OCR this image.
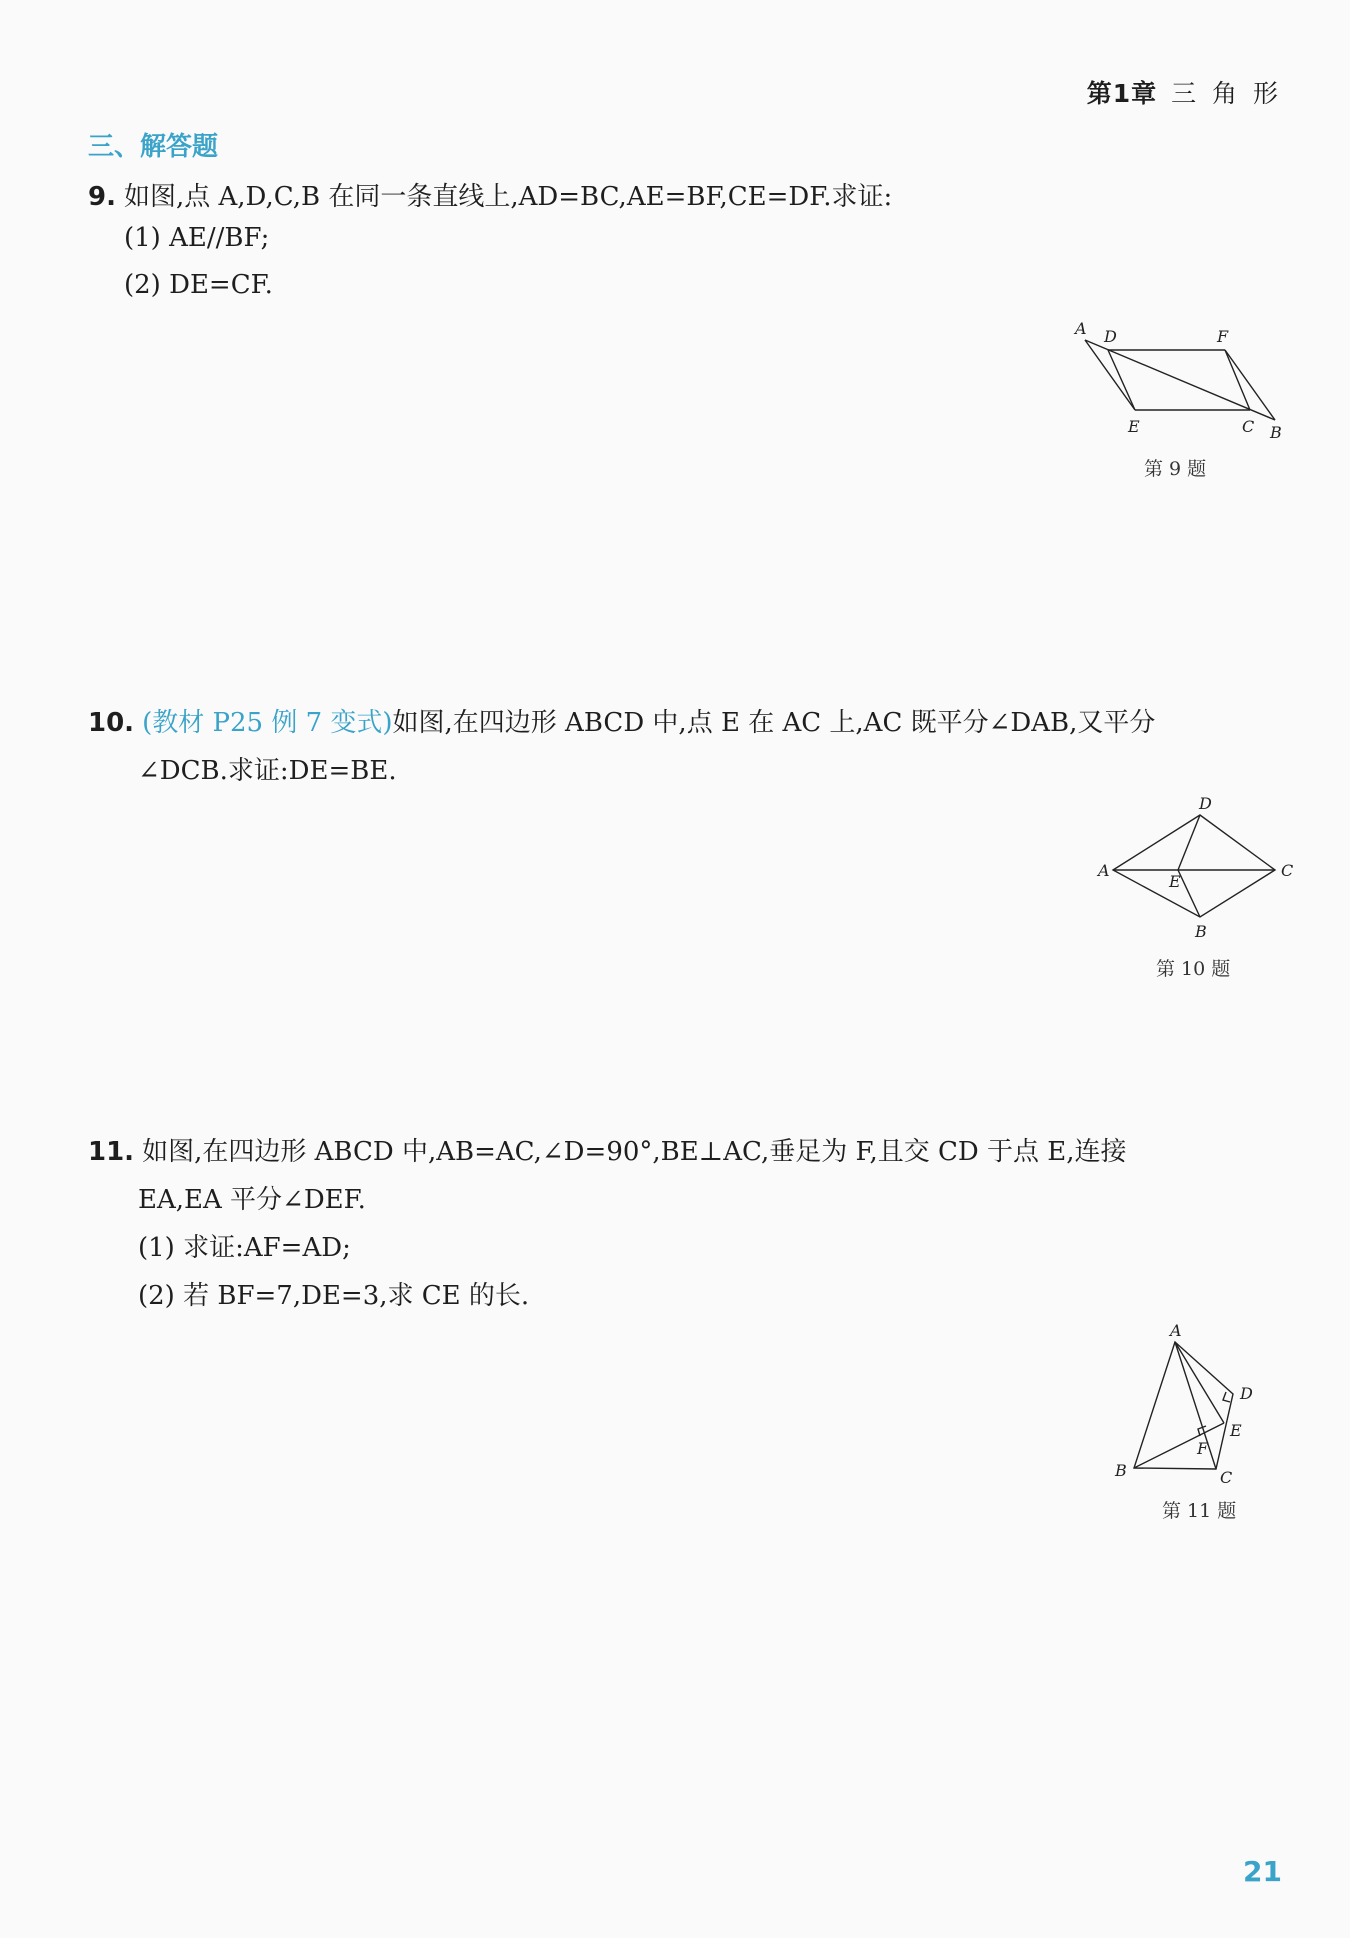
第1章 三 角 形
三、解答题
9. 如图,点 A,D,C,B 在同一条直线上,AD=BC,AE=BF,CE=DF.求证:
(1) AE//BF;
(2) DE=CF.
A D	F
E	C B
第 9 题
10. (教材 P25 例 7 变式)如图,在四边形 ABCD 中,点 E 在 AC 上,AC 既平分∠DAB,又平分
∠DCB.求证:DE=BE.
D
A
E
C
B
第 10 题
11. 如图,在四边形 ABCD 中,AB=AC,∠D=90°,BE⊥AC,垂足为 F,且交 CD 于点 E,连接
EA,EA 平分∠DEF.
(1) 求证:AF=AD;
(2) 若 BF=7,DE=3,求 CE 的长.
A
D
E
F
B	C
第 11 题
21
